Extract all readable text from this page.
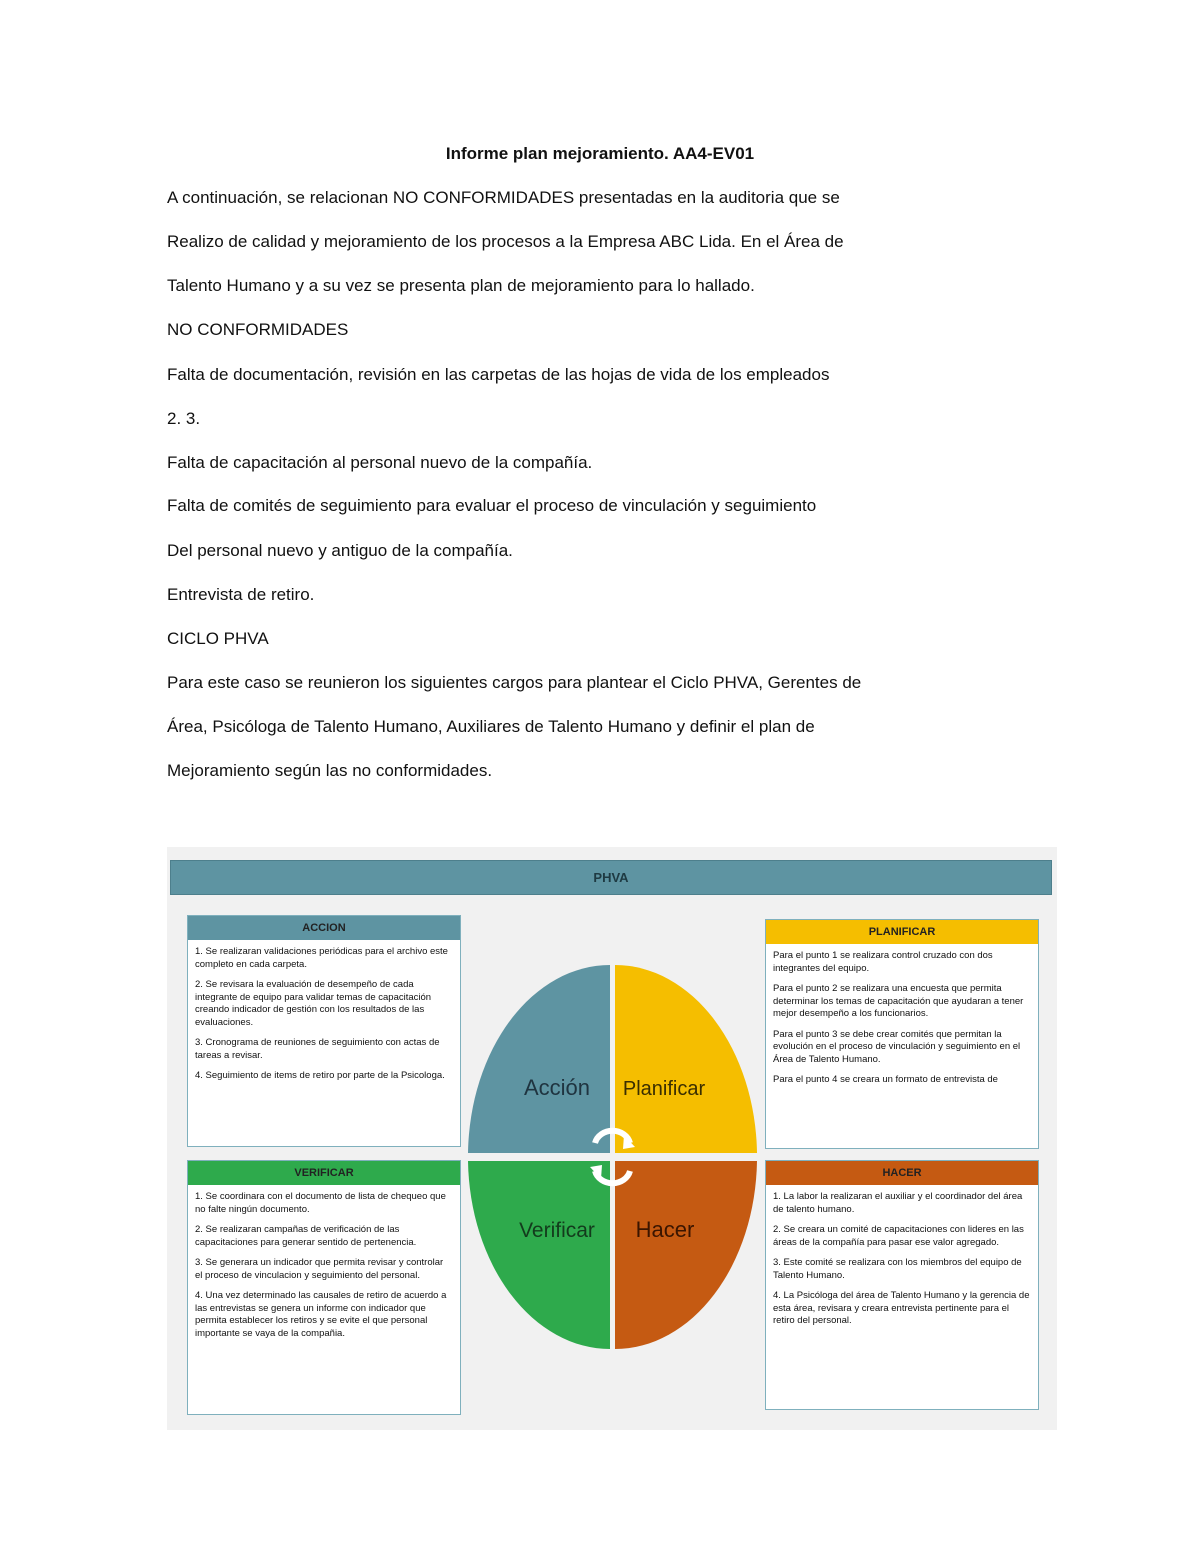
Informe plan mejoramiento. AA4-EV01
A continuación, se relacionan NO CONFORMIDADES presentadas en la auditoria que se
Realizo de calidad y mejoramiento de los procesos a la Empresa ABC Lida. En el Área de
Talento Humano y a su vez se presenta plan de mejoramiento para lo hallado.
NO CONFORMIDADES
Falta de documentación, revisión en las carpetas de las hojas de vida de los empleados
2. 3.
Falta de capacitación al personal nuevo de la compañía.
Falta de comités de seguimiento para evaluar el proceso de vinculación y seguimiento
Del personal nuevo y antiguo de la compañía.
Entrevista de retiro.
CICLO PHVA
Para este caso se reunieron los siguientes cargos para plantear el Ciclo PHVA, Gerentes de
Área, Psicóloga de Talento Humano, Auxiliares de Talento Humano y definir el plan de
Mejoramiento según las no conformidades.
PHVA
ACCION

1. Se realizaran validaciones periódicas para el archivo este completo en cada carpeta.

2. Se revisara la evaluación de desempeño de cada integrante de equipo para validar temas de capacitación creando indicador de gestión con los resultados de las evaluaciones.

3. Cronograma de reuniones de seguimiento con actas de tareas a revisar.

4. Seguimiento de items de retiro por parte de la Psicologa.

VERIFICAR

1. Se coordinara con el documento de lista de chequeo que no falte ningún documento.

2. Se realizaran campañas de verificación de las capacitaciones para generar sentido de pertenencia.

3. Se generara un indicador que permita revisar y controlar el proceso de vinculacion y seguimiento del personal.

4. Una vez determinado las causales de retiro de acuerdo a las entrevistas se genera un informe con indicador que permita establecer los retiros y se evite el que personal importante se vaya de la compañia.

PLANIFICAR

Para el punto 1 se realizara control cruzado con dos integrantes del equipo.

Para el punto 2 se realizara una encuesta que permita determinar los temas de capacitación que ayudaran a tener mejor desempeño a los funcionarios.

Para el punto 3 se debe crear comités que permitan la evolución en el proceso de vinculación y seguimiento en el Área de Talento Humano.

Para el punto 4 se creara un formato de entrevista de

HACER

1. La labor la realizaran el auxiliar y el coordinador del área de talento humano.

2. Se creara un comité de capacitaciones con lideres en las áreas de la compañía para pasar ese valor agregado.

3. Este comité se realizara con los miembros del equipo de Talento Humano.

4. La Psicóloga del área de Talento Humano y la gerencia de esta área, revisara y creara entrevista pertinente para el retiro del personal.

Acción Planificar
Verificar Hacer
